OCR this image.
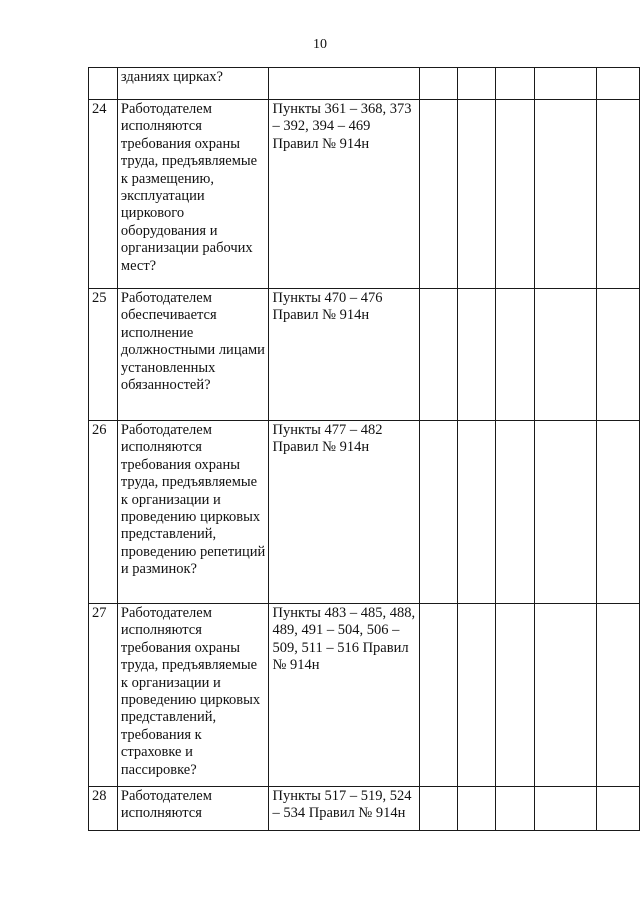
10
	зданиях цирках?						
24	Работодателем исполняются требования охраны труда, предъявляемые к размещению, эксплуатации циркового оборудования и организации рабочих мест?	Пункты 361 – 368, 373 – 392, 394 – 469 Правил № 914н					
25	Работодателем обеспечивается исполнение должностными лицами установленных обязанностей?	Пункты 470 – 476 Правил № 914н					
26	Работодателем исполняются требования охраны труда, предъявляемые к организации и проведению цирковых представлений, проведению репетиций и разминок?	Пункты 477 – 482 Правил № 914н					
27	Работодателем исполняются требования охраны труда, предъявляемые к организации и проведению цирковых представлений, требования к страховке и пассировке?	Пункты 483 – 485, 488, 489, 491 – 504, 506 – 509, 511 – 516 Правил № 914н					
28	Работодателем исполняются	Пункты 517 – 519, 524 – 534 Правил № 914н					
